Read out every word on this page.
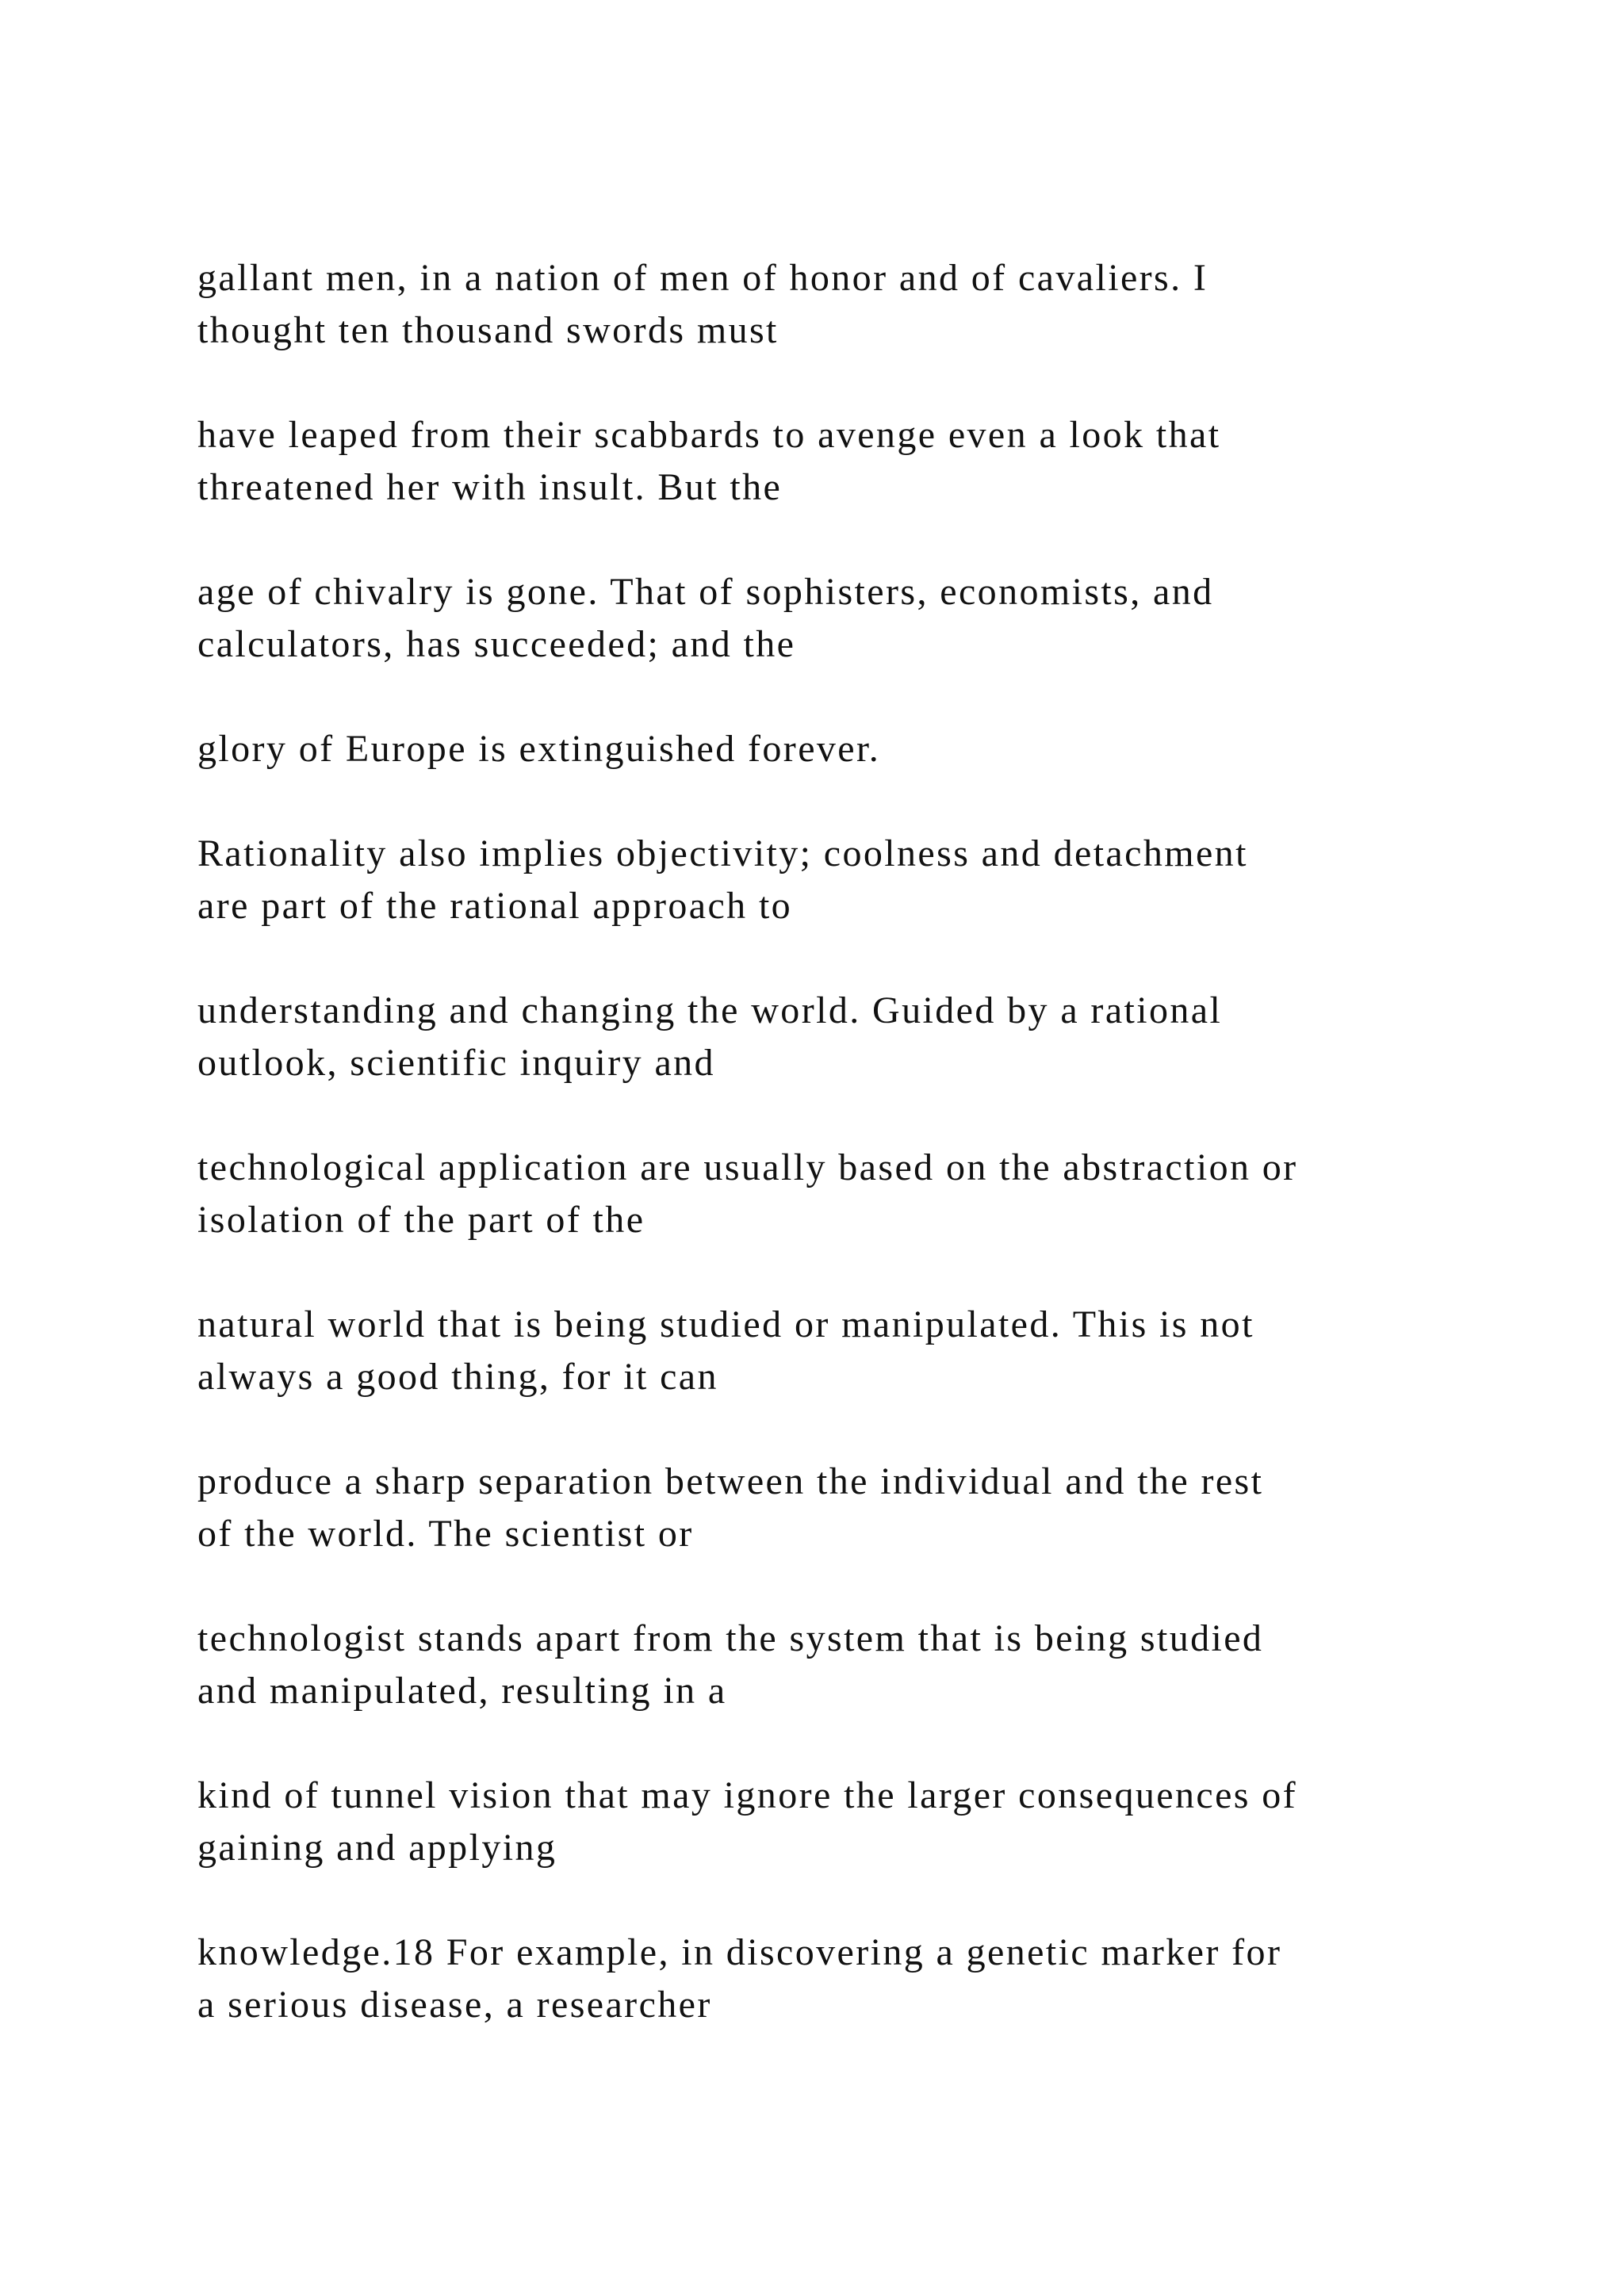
gallant men, in a nation of men of honor and of cavaliers. I
thought ten thousand swords must

have leaped from their scabbards to avenge even a look that
threatened her with insult. But the

age of chivalry is gone. That of sophisters, economists, and
calculators, has succeeded; and the

glory of Europe is extinguished forever.

Rationality also implies objectivity; coolness and detachment
are part of the rational approach to

understanding and changing the world. Guided by a rational
outlook, scientific inquiry and

technological application are usually based on the abstraction or
isolation of the part of the

natural world that is being studied or manipulated. This is not
always a good thing, for it can

produce a sharp separation between the individual and the rest
of the world. The scientist or

technologist stands apart from the system that is being studied
and manipulated, resulting in a

kind of tunnel vision that may ignore the larger consequences of
gaining and applying

knowledge.18 For example, in discovering a genetic marker for
a serious disease, a researcher
